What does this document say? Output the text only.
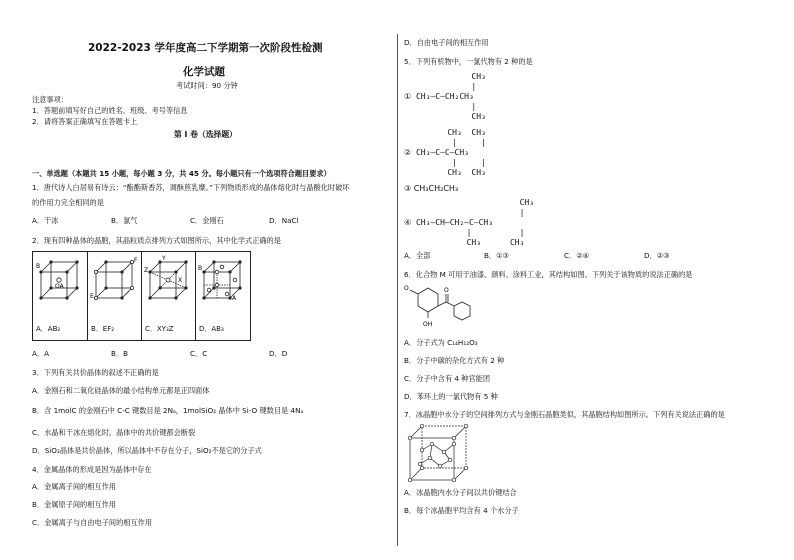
2022-2023 学年度高二下学期第一次阶段性检测
化学试题
考试时间：90 分钟
注意事项：
1．答题前填写好自己的姓名、班级、考号等信息
2．请将答案正确填写在答题卡上
第 I 卷（选择题）
一、单选题（本题共 15 小题，每小题 3 分，共 45 分。每小题只有一个选项符合题目要求）
1．唐代诗人白居易有诗云：“酯酯斯香苏，调酥煎乳糜。”下列物质形成的晶体熔化时与晶酸化时破坏
的作用力完全相同的是
A．干冰	B．氯气	C．金刚石	D．NaCl
2．现有四种晶体的晶胞，其晶粒质点排列方式如图所示，其中化学式正确的是
B
OA
A．AB₂
F
E
B．EF₂
Z
X
Y
C．XY₃Z
B
A
D．AB₃
A．A	B．B	C．C	D．D
3．下列有关共价晶体的叙述不正确的是
A．金刚石和二氧化硅晶体的最小结构单元都是正四面体
B．含 1molC 的金刚石中 C-C 键数目是 2Nₐ，1molSiO₂ 晶体中 Si-O 键数目是 4Nₐ
C．水晶和干冰在熔化时，晶体中的共价键都会断裂
D．SiO₂晶体是共价晶体，所以晶体中不存在分子，SiO₂不是它的分子式
4．金属晶体的形成是因为晶体中存在
A．金属离子间的相互作用
B．金属原子间的相互作用
C．金属离子与自由电子间的相互作用
D．自由电子间的相互作用
5．下列有机物中，一氯代物有 2 种的是
CH₃
|
① CH₃—C—CH₂CH₃
|
CH₃
CH₃  CH₃
|     |
② CH₃—C—C—CH₃
|     |
CH₃  CH₃
③ CH₃CH₂CH₃
CH₃
|
④ CH₃—CH—CH₂—C—CH₃
|          |
CH₃      CH₃
A．全部	B．①③	C．②④	D．②③
6．化合物 M 可用于油漆、颜料、涂料工业，其结构如图。下列关于该物质的说法正确的是
O	O
OH
A．分子式为 C₁₄H₁₂O₃
B．分子中碳的杂化方式有 2 种
C．分子中含有 4 种官能团
D．苯环上的一氯代物有 5 种
7．冰晶胞中水分子的空间排列方式与金刚石晶胞类似，其晶胞结构如图所示。下列有关说法正确的是
A．冰晶胞内水分子间以共价键结合
B．每个冰晶胞平均含有 4 个水分子
